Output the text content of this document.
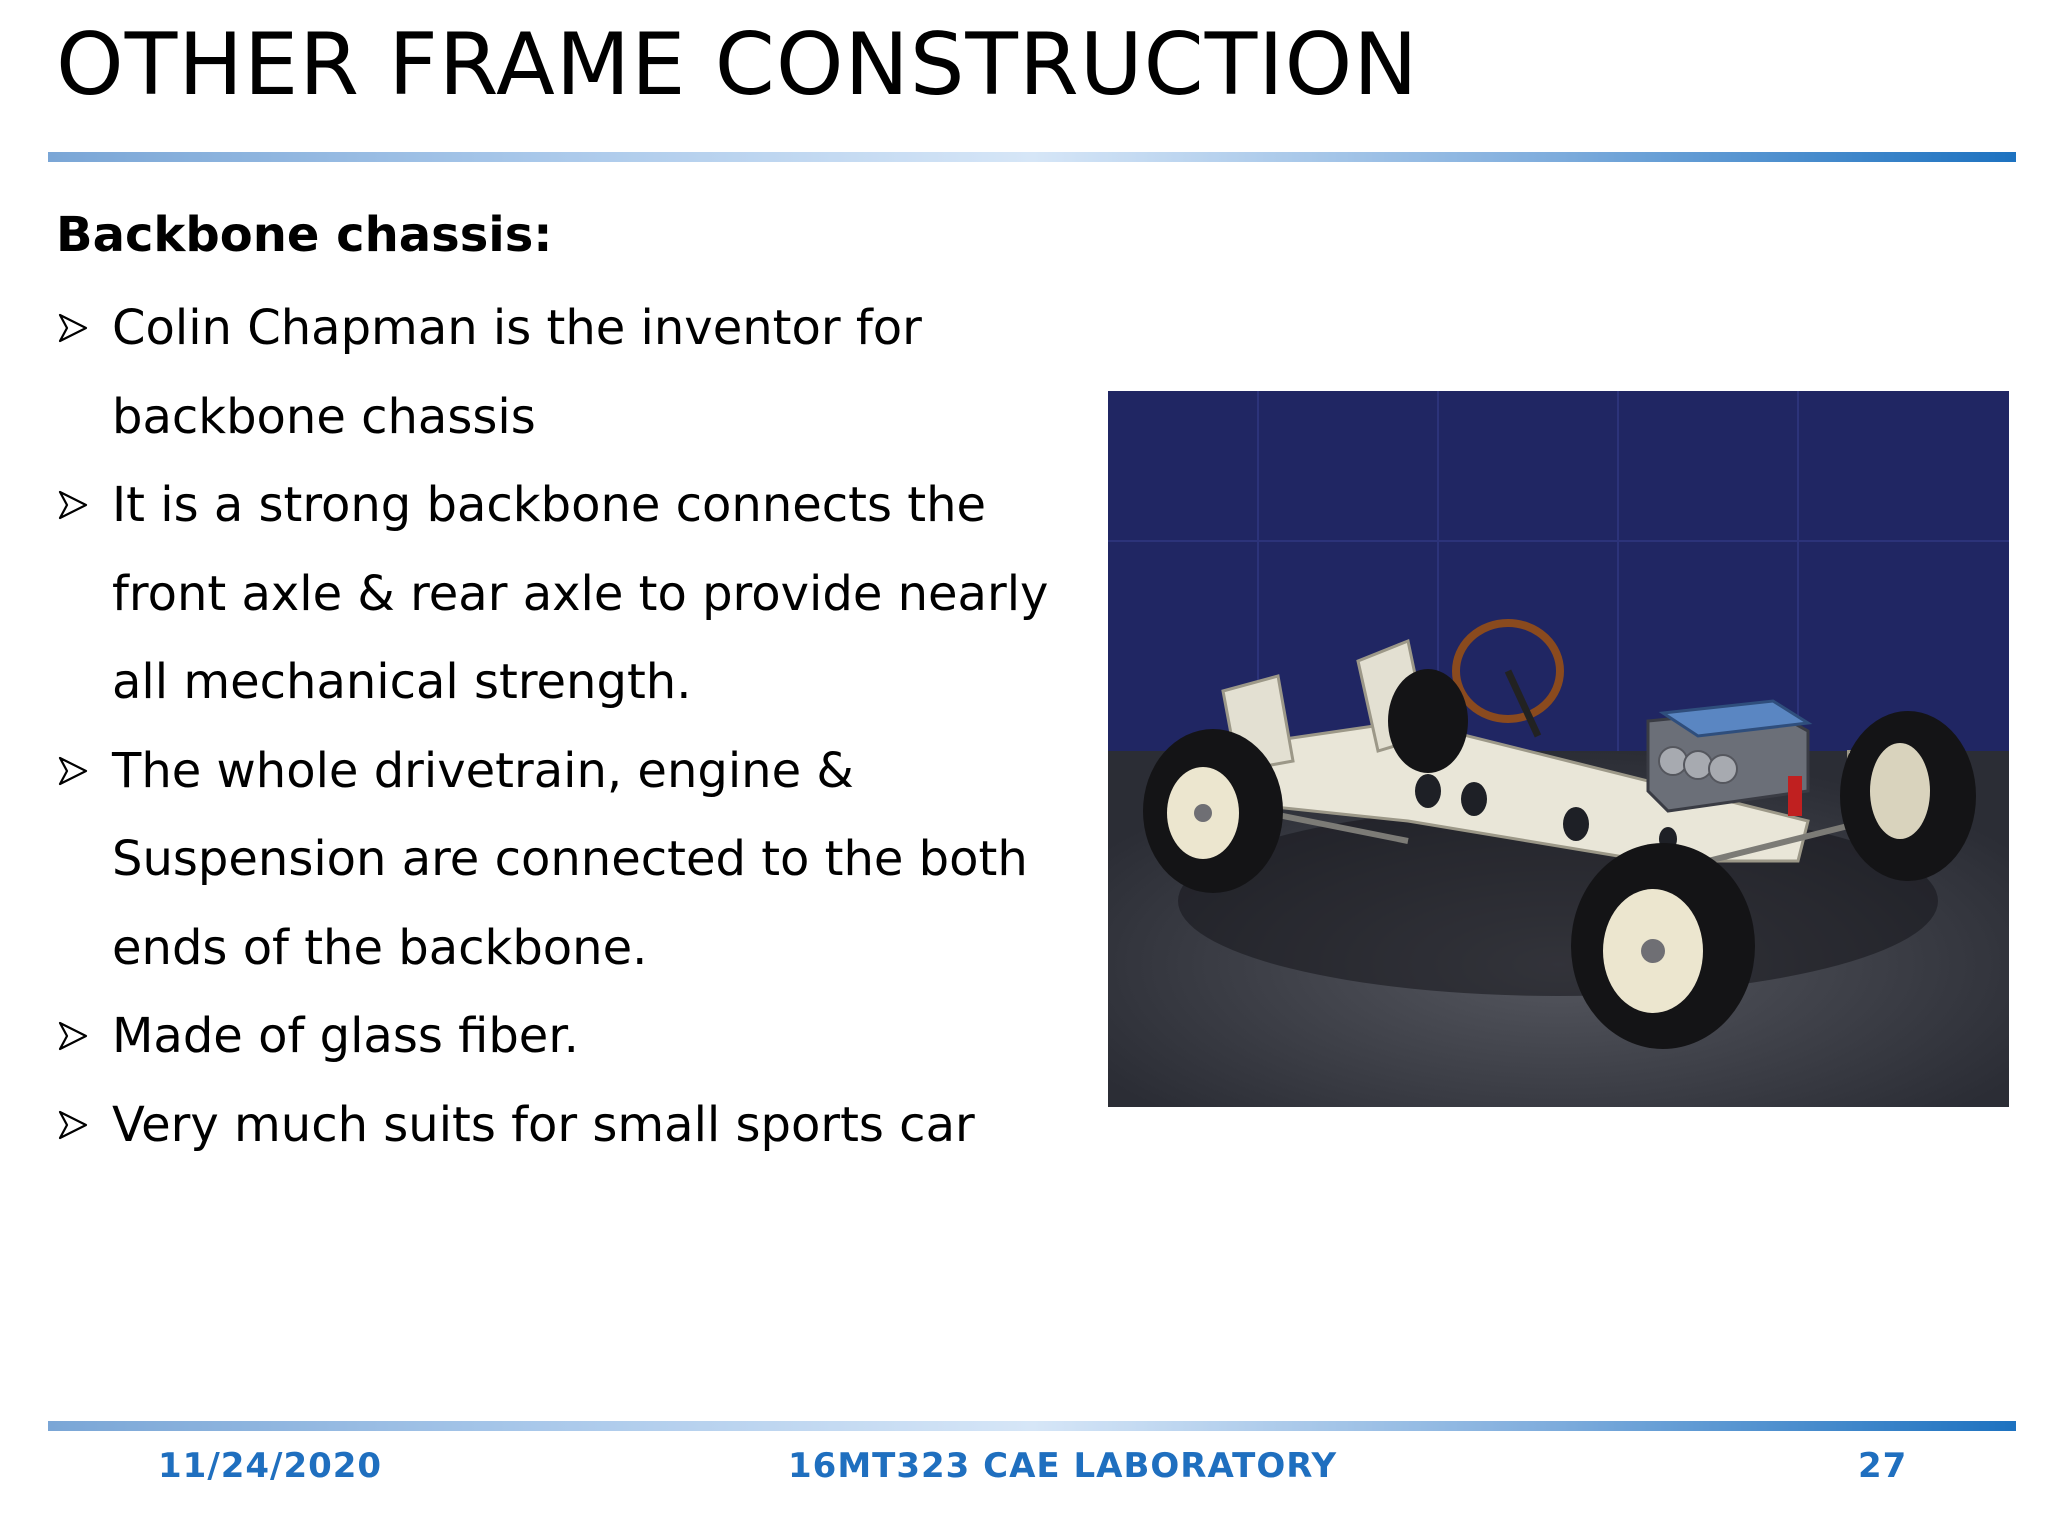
OTHER FRAME CONSTRUCTION
Backbone chassis:
Colin Chapman is the inventor for
backbone chassis
It is a strong backbone connects the
front axle & rear axle to provide nearly
all mechanical strength.
The whole drivetrain, engine &
Suspension are connected to the both
ends of the backbone.
Made of glass fiber.
Very much suits for small sports car
11/24/2020	16MT323 CAE LABORATORY	27
